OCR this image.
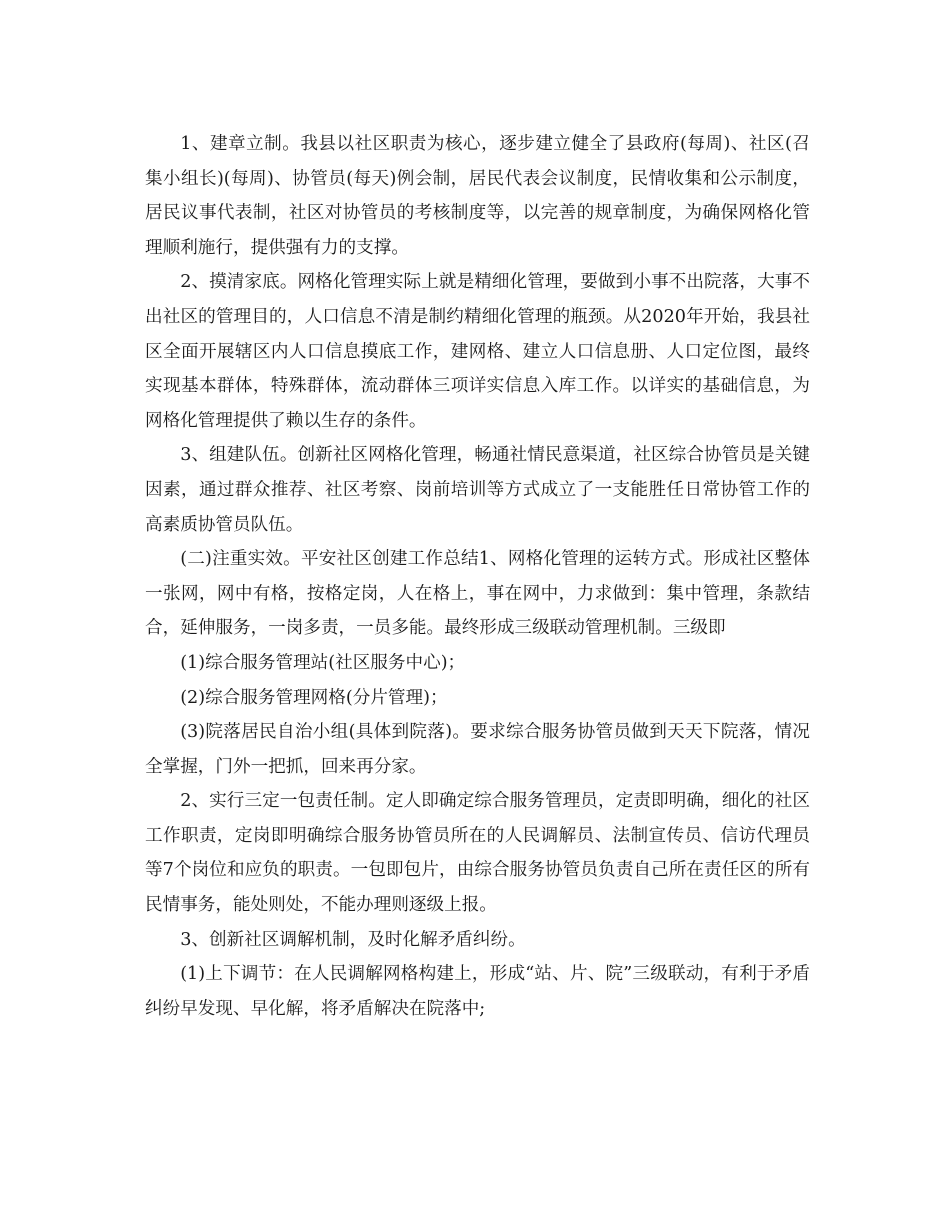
1、建章立制。我县以社区职责为核心，逐步建立健全了县政府(每周)、社区(召集小组长)(每周)、协管员(每天)例会制，居民代表会议制度，民情收集和公示制度，居民议事代表制，社区对协管员的考核制度等，以完善的规章制度，为确保网格化管理顺利施行，提供强有力的支撑。

2、摸清家底。网格化管理实际上就是精细化管理，要做到小事不出院落，大事不出社区的管理目的，人口信息不清是制约精细化管理的瓶颈。从2020年开始，我县社区全面开展辖区内人口信息摸底工作，建网格、建立人口信息册、人口定位图，最终实现基本群体，特殊群体，流动群体三项详实信息入库工作。以详实的基础信息，为网格化管理提供了赖以生存的条件。

3、组建队伍。创新社区网格化管理，畅通社情民意渠道，社区综合协管员是关键因素，通过群众推荐、社区考察、岗前培训等方式成立了一支能胜任日常协管工作的高素质协管员队伍。

(二)注重实效。平安社区创建工作总结1、网格化管理的运转方式。形成社区整体一张网，网中有格，按格定岗，人在格上，事在网中，力求做到：集中管理，条款结合，延伸服务，一岗多责，一员多能。最终形成三级联动管理机制。三级即

(1)综合服务管理站(社区服务中心)；

(2)综合服务管理网格(分片管理)；

(3)院落居民自治小组(具体到院落)。要求综合服务协管员做到天天下院落，情况全掌握，门外一把抓，回来再分家。

2、实行三定一包责任制。定人即确定综合服务管理员，定责即明确，细化的社区工作职责，定岗即明确综合服务协管员所在的人民调解员、法制宣传员、信访代理员等7个岗位和应负的职责。一包即包片，由综合服务协管员负责自己所在责任区的所有民情事务，能处则处，不能办理则逐级上报。

3、创新社区调解机制，及时化解矛盾纠纷。

(1)上下调节：在人民调解网格构建上，形成“站、片、院”三级联动，有利于矛盾纠纷早发现、早化解，将矛盾解决在院落中;
